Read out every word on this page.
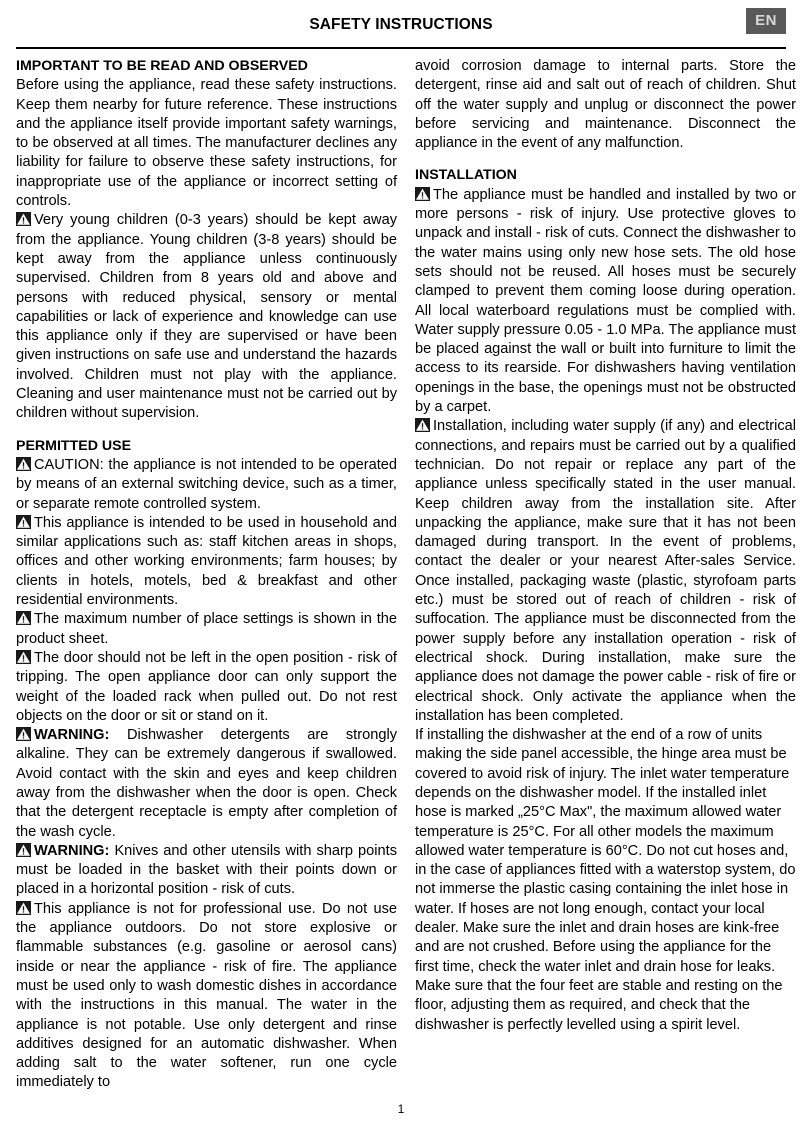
SAFETY INSTRUCTIONS	EN
IMPORTANT TO BE READ AND OBSERVED
Before using the appliance, read these safety instructions. Keep them nearby for future reference. These instructions and the appliance itself provide important safety warnings, to be observed at all times. The manufacturer declines any liability for failure to observe these safety instructions, for inappropriate use of the appliance or incorrect setting of controls.
Very young children (0-3 years) should be kept away from the appliance. Young children (3-8 years) should be kept away from the appliance unless continuously supervised. Children from 8 years old and above and persons with reduced physical, sensory or mental capabilities or lack of experience and knowledge can use this appliance only if they are supervised or have been given instructions on safe use and understand the hazards involved. Children must not play with the appliance. Cleaning and user maintenance must not be carried out by children without supervision.
PERMITTED USE
CAUTION: the appliance is not intended to be operated by means of an external switching device, such as a timer, or separate remote controlled system.
This appliance is intended to be used in household and similar applications such as: staff kitchen areas in shops, offices and other working environments; farm houses; by clients in hotels, motels, bed & breakfast and other residential environments.
The maximum number of place settings is shown in the product sheet.
The door should not be left in the open position - risk of tripping. The open appliance door can only support the weight of the loaded rack when pulled out. Do not rest objects on the door or sit or stand on it.
WARNING: Dishwasher detergents are strongly alkaline. They can be extremely dangerous if swallowed. Avoid contact with the skin and eyes and keep children away from the dishwasher when the door is open. Check that the detergent receptacle is empty after completion of the wash cycle.
WARNING: Knives and other utensils with sharp points must be loaded in the basket with their points down or placed in a horizontal position - risk of cuts.
This appliance is not for professional use. Do not use the appliance outdoors. Do not store explosive or flammable substances (e.g. gasoline or aerosol cans) inside or near the appliance - risk of fire. The appliance must be used only to wash domestic dishes in accordance with the instructions in this manual. The water in the appliance is not potable. Use only detergent and rinse additives designed for an automatic dishwasher. When adding salt to the water softener, run one cycle immediately to
avoid corrosion damage to internal parts. Store the detergent, rinse aid and salt out of reach of children. Shut off the water supply and unplug or disconnect the power before servicing and maintenance. Disconnect the appliance in the event of any malfunction.
INSTALLATION
The appliance must be handled and installed by two or more persons - risk of injury. Use protective gloves to unpack and install - risk of cuts. Connect the dishwasher to the water mains using only new hose sets. The old hose sets should not be reused. All hoses must be securely clamped to prevent them coming loose during operation. All local waterboard regulations must be complied with. Water supply pressure 0.05 - 1.0 MPa. The appliance must be placed against the wall or built into furniture to limit the access to its rearside. For dishwashers having ventilation openings in the base, the openings must not be obstructed by a carpet.
Installation, including water supply (if any) and electrical connections, and repairs must be carried out by a qualified technician. Do not repair or replace any part of the appliance unless specifically stated in the user manual. Keep children away from the installation site. After unpacking the appliance, make sure that it has not been damaged during transport. In the event of problems, contact the dealer or your nearest After-sales Service. Once installed, packaging waste (plastic, styrofoam parts etc.) must be stored out of reach of children - risk of suffocation. The appliance must be disconnected from the power supply before any installation operation - risk of electrical shock. During installation, make sure the appliance does not damage the power cable - risk of fire or electrical shock. Only activate the appliance when the installation has been completed.
If installing the dishwasher at the end of a row of units making the side panel accessible, the hinge area must be covered to avoid risk of injury. The inlet water temperature depends on the dishwasher model. If the installed inlet hose is marked „25°C Max", the maximum allowed water temperature is 25°C. For all other models the maximum allowed water temperature is 60°C. Do not cut hoses and, in the case of appliances fitted with a waterstop system, do not immerse the plastic casing containing the inlet hose in water. If hoses are not long enough, contact your local dealer. Make sure the inlet and drain hoses are kink-free and are not crushed. Before using the appliance for the first time, check the water inlet and drain hose for leaks. Make sure that the four feet are stable and resting on the floor, adjusting them as required, and check that the dishwasher is perfectly levelled using a spirit level.
1
